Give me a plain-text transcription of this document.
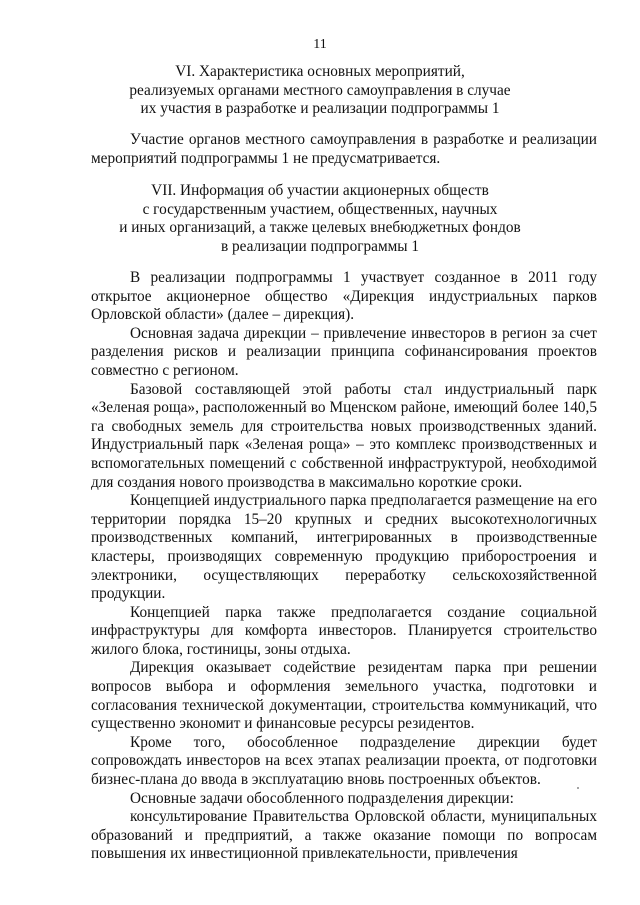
11
VI. Характеристика основных мероприятий,
реализуемых органами местного самоуправления в случае
их участия в разработке и реализации подпрограммы 1

Участие органов местного самоуправления в разработке и реализации мероприятий подпрограммы 1 не предусматривается.

VII. Информация об участии акционерных обществ
с государственным участием, общественных, научных
и иных организаций, а также целевых внебюджетных фондов
в реализации подпрограммы 1

В реализации подпрограммы 1 участвует созданное в 2011 году открытое акционерное общество «Дирекция индустриальных парков Орловской области» (далее – дирекция).

Основная задача дирекции – привлечение инвесторов в регион за счет разделения рисков и реализации принципа софинансирования проектов совместно с регионом.

Базовой составляющей этой работы стал индустриальный парк «Зеленая роща», расположенный во Мценском районе, имеющий более 140,5 га свободных земель для строительства новых производственных зданий. Индустриальный парк «Зеленая роща» – это комплекс производственных и вспомогательных помещений с собственной инфраструктурой, необходимой для создания нового производства в максимально короткие сроки.

Концепцией индустриального парка предполагается размещение на его территории порядка 15–20 крупных и средних высокотехнологичных производственных компаний, интегрированных в производственные кластеры, производящих современную продукцию приборостроения и электроники, осуществляющих переработку сельскохозяйственной продукции.

Концепцией парка также предполагается создание социальной инфраструктуры для комфорта инвесторов. Планируется строительство жилого блока, гостиницы, зоны отдыха.

Дирекция оказывает содействие резидентам парка при решении вопросов выбора и оформления земельного участка, подготовки и согласования технической документации, строительства коммуникаций, что существенно экономит и финансовые ресурсы резидентов.

Кроме того, обособленное подразделение дирекции будет сопровождать инвесторов на всех этапах реализации проекта, от подготовки бизнес-плана до ввода в эксплуатацию вновь построенных объектов.

Основные задачи обособленного подразделения дирекции:

консультирование Правительства Орловской области, муниципальных образований и предприятий, а также оказание помощи по вопросам повышения их инвестиционной привлекательности, привлечения
